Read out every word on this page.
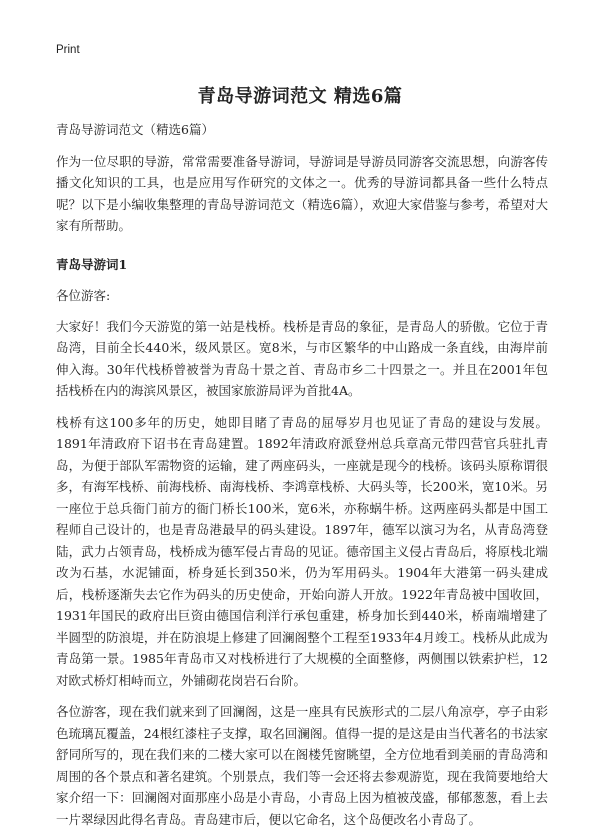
Print
青岛导游词范文 精选6篇

青岛导游词范文（精选6篇）

作为一位尽职的导游，常常需要准备导游词，导游词是导游员同游客交流思想，向游客传播文化知识的工具，也是应用写作研究的文体之一。优秀的导游词都具备一些什么特点呢？以下是小编收集整理的青岛导游词范文（精选6篇），欢迎大家借鉴与参考，希望对大家有所帮助。

青岛导游词1

各位游客:

大家好！我们今天游览的第一站是栈桥。栈桥是青岛的象征，是青岛人的骄傲。它位于青岛湾，目前全长440米，级风景区。宽8米，与市区繁华的中山路成一条直线，由海岸前伸入海。30年代栈桥曾被誉为青岛十景之首、青岛市乡二十四景之一。并且在2001年包括栈桥在内的海滨风景区，被国家旅游局评为首批4A。

栈桥有这100多年的历史，她即目睹了青岛的屈辱岁月也见证了青岛的建设与发展。1891年清政府下诏书在青岛建置。1892年清政府派登州总兵章高元带四营官兵驻扎青岛，为便于部队军需物资的运输，建了两座码头，一座就是现今的栈桥。该码头原称谓很多，有海军栈桥、前海栈桥、南海栈桥、李鸿章栈桥、大码头等，长200米，宽10米。另一座位于总兵衙门前方的衙门桥长100米，宽6米，亦称蜗牛桥。这两座码头都是中国工程师自己设计的，也是青岛港最早的码头建设。1897年，德军以演习为名，从青岛湾登陆，武力占领青岛，栈桥成为德军侵占青岛的见证。德帝国主义侵占青岛后，将原栈北端改为石基，水泥铺面，桥身延长到350米，仍为军用码头。1904年大港第一码头建成后，栈桥逐渐失去它作为码头的历史使命，开始向游人开放。1922年青岛被中国收回，1931年国民的政府出巨资由德国信利洋行承包重建，桥身加长到440米，桥南端增建了半圆型的防浪堤，并在防浪堤上修建了回澜阁整个工程至1933年4月竣工。栈桥从此成为青岛第一景。1985年青岛市又对栈桥进行了大规模的全面整修，两侧围以铁索护栏，12对欧式桥灯相峙而立，外铺砌花岗岩石台阶。

各位游客，现在我们就来到了回澜阁，这是一座具有民族形式的二层八角凉亭，亭子由彩色琉璃瓦覆盖，24根红漆柱子支撑，取名回澜阁。值得一提的是这是由当代著名的书法家舒同所写的，现在我们来的二楼大家可以在阁楼凭窗眺望，全方位地看到美丽的青岛湾和周围的各个景点和著名建筑。个别景点，我们等一会还将去参观游览，现在我简要地给大家介绍一下：回澜阁对面那座小岛是小青岛，小青岛上因为植被茂盛，郁郁葱葱，看上去一片翠绿因此得名青岛。青岛建市后，便以它命名，这个岛便改名小青岛了。
